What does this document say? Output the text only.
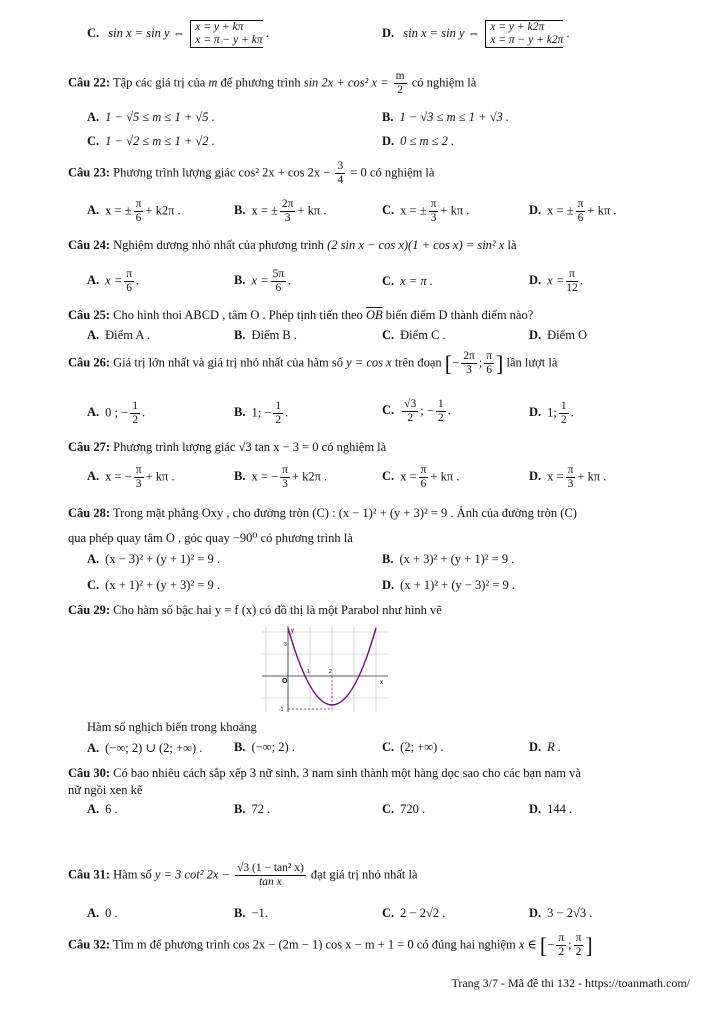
C. sin x = sin y ⇔ x = y + kπ
x = π − y + kπ .	D. sin x = sin y ⇔ x = y + k2π
x = π − y + k2π .
Câu 22: Tập các giá trị của m để phương trình sin 2x + cos² $x = \frac{m}{2}$ có nghiệm là
A. 1 − √5 ≤ m ≤ 1 + √5 .	B. 1 − √3 ≤ m ≤ 1 + √3 .
C. 1 − √2 ≤ m ≤ 1 + √2 .	D. 0 ≤ m ≤ 2 .
Câu 23: Phương trình lượng giác cos² $2x + \cos 2x - \frac{3}{4} = 0$ có nghiệm là
A. x = ± $\frac{\pi}{6} + k2\pi$ .	B. x = ± $\frac{2\pi}{3} + k\pi$ .	C. x = ± $\frac{\pi}{3} + k\pi$ .	D. x = ± $\frac{\pi}{6} + k\pi$ .
Câu 24: Nghiệm dương nhỏ nhất của phương trình (2 sin x − cos x)(1 + cos x) = sin² x là
A. $x = \frac{\pi}{6}$ .	B. $x = \frac{5\pi}{6}$ .	C. x = π .	D. $x = \frac{\pi}{12}$ .
Câu 25: Cho hình thoi ABCD , tâm O . Phép tịnh tiến theo $\overline{OB}$ biến điểm D thành điểm nào?
A. Điểm A .	B. Điểm B .	C. Điểm C .	D. Điểm O
Câu 26: Giá trị lớn nhất và giá trị nhỏ nhất của hàm số y = cos x trên đoạn [− $\frac{2\pi}{3}$ ; $\frac{\pi}{6}$ ] lần lượt là
A. 0 ; − $\frac{1}{2}$ .	B. 1; − $\frac{1}{2}$ .	C. $\frac{√3}{2}$ ; − $\frac{1}{2}$ .	D. 1; $\frac{1}{2}$ .
Câu 27: Phương trình lượng giác √3 tan x − 3 = 0 có nghiệm là
A. x = − $\frac{\pi}{3} + k\pi$ .	B. x = − $\frac{\pi}{3} + k2\pi$ .	C. $x = \frac{\pi}{6} + k\pi$ .	D. $x = \frac{\pi}{3} + k\pi$ .
Câu 28: Trong mặt phẳng Oxy , cho đường tròn (C) : (x − 1)² + (y + 3)² = 9 . Ảnh của đường tròn (C)
qua phép quay tâm O , góc quay −90⁰ có phương trình là
A. (x − 3)² + (y + 1)² = 9 .	B. (x + 3)² + (y + 1)² = 9 .
C. (x + 1)² + (y + 3)² = 9 .	D. (x + 1)² + (y − 3)² = 9 .
Câu 29: Cho hàm số bậc hai y = f (x) có đồ thị là một Parabol như hình vẽ
y
x
O
1	2
3
-1
Hàm số nghịch biến trong khoảng
A. (−∞; 2) ∪ (2; +∞) .	B. (−∞; 2) .	C. (2; +∞) .	D. R .
Câu 30: Có bao nhiêu cách sắp xếp 3 nữ sinh, 3 nam sinh thành một hàng dọc sao cho các bạn nam và
nữ ngồi xen kẽ
A. 6 .	B. 72 .	C. 720 .	D. 144 .
Câu 31: Hàm số y = 3 cot² $2x - \frac{\text{√3 (1 − tan² x)}}{\text{tan x}}$ đạt giá trị nhỏ nhất là
A. 0 .	B. −1.	C. 2 − 2√2 .	D. 3 − 2√3 .
Câu 32: Tìm m để phương trình cos 2x − (2m − 1) cos x − m + 1 = 0 có đúng hai nghiệm x ∈ [− $\frac{\pi}{2}$ ; $\frac{\pi}{2}$ ]
Trang 3/7 - Mã đề thi 132 - https://toanmath.com/
